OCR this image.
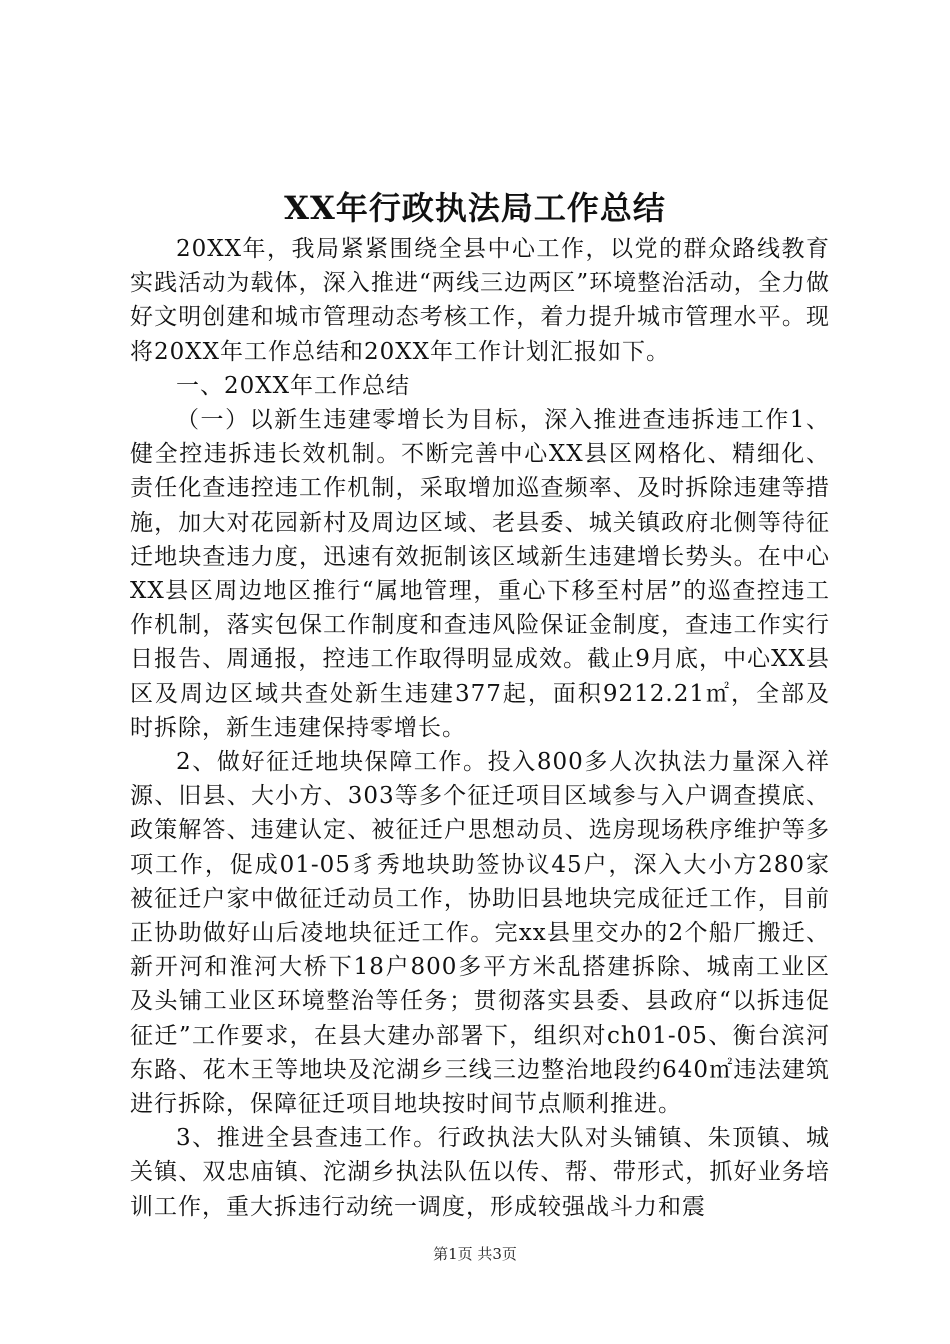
XX年行政执法局工作总结

20XX年，我局紧紧围绕全县中心工作，以党的群众路线教育实践活动为载体，深入推进“两线三边两区”环境整治活动，全力做好文明创建和城市管理动态考核工作，着力提升城市管理水平。现将20XX年工作总结和20XX年工作计划汇报如下。

一、20XX年工作总结

（一）以新生违建零增长为目标，深入推进查违拆违工作1、健全控违拆违长效机制。不断完善中心XX县区网格化、精细化、责任化查违控违工作机制，采取增加巡查频率、及时拆除违建等措施，加大对花园新村及周边区域、老县委、城关镇政府北侧等待征迁地块查违力度，迅速有效扼制该区域新生违建增长势头。在中心XX县区周边地区推行“属地管理，重心下移至村居”的巡查控违工作机制，落实包保工作制度和查违风险保证金制度，查违工作实行日报告、周通报，控违工作取得明显成效。截止9月底，中心XX县区及周边区域共查处新生违建377起，面积9212.21㎡，全部及时拆除，新生违建保持零增长。

2、做好征迁地块保障工作。投入800多人次执法力量深入祥源、旧县、大小方、303等多个征迁项目区域参与入户调查摸底、政策解答、违建认定、被征迁户思想动员、选房现场秩序维护等多项工作，促成01-05豸秀地块助签协议45户，深入大小方280家被征迁户家中做征迁动员工作，协助旧县地块完成征迁工作，目前正协助做好山后凌地块征迁工作。完xx县里交办的2个船厂搬迁、新开河和淮河大桥下18户800多平方米乱搭建拆除、城南工业区及头铺工业区环境整治等任务；贯彻落实县委、县政府“以拆违促征迁”工作要求，在县大建办部署下，组织对ch01-05、衡台滨河东路、花木王等地块及沱湖乡三线三边整治地段约640㎡违法建筑进行拆除，保障征迁项目地块按时间节点顺利推进。

3、推进全县查违工作。行政执法大队对头铺镇、朱顶镇、城关镇、双忠庙镇、沱湖乡执法队伍以传、帮、带形式，抓好业务培训工作，重大拆违行动统一调度，形成较强战斗力和震

第1页 共3页
